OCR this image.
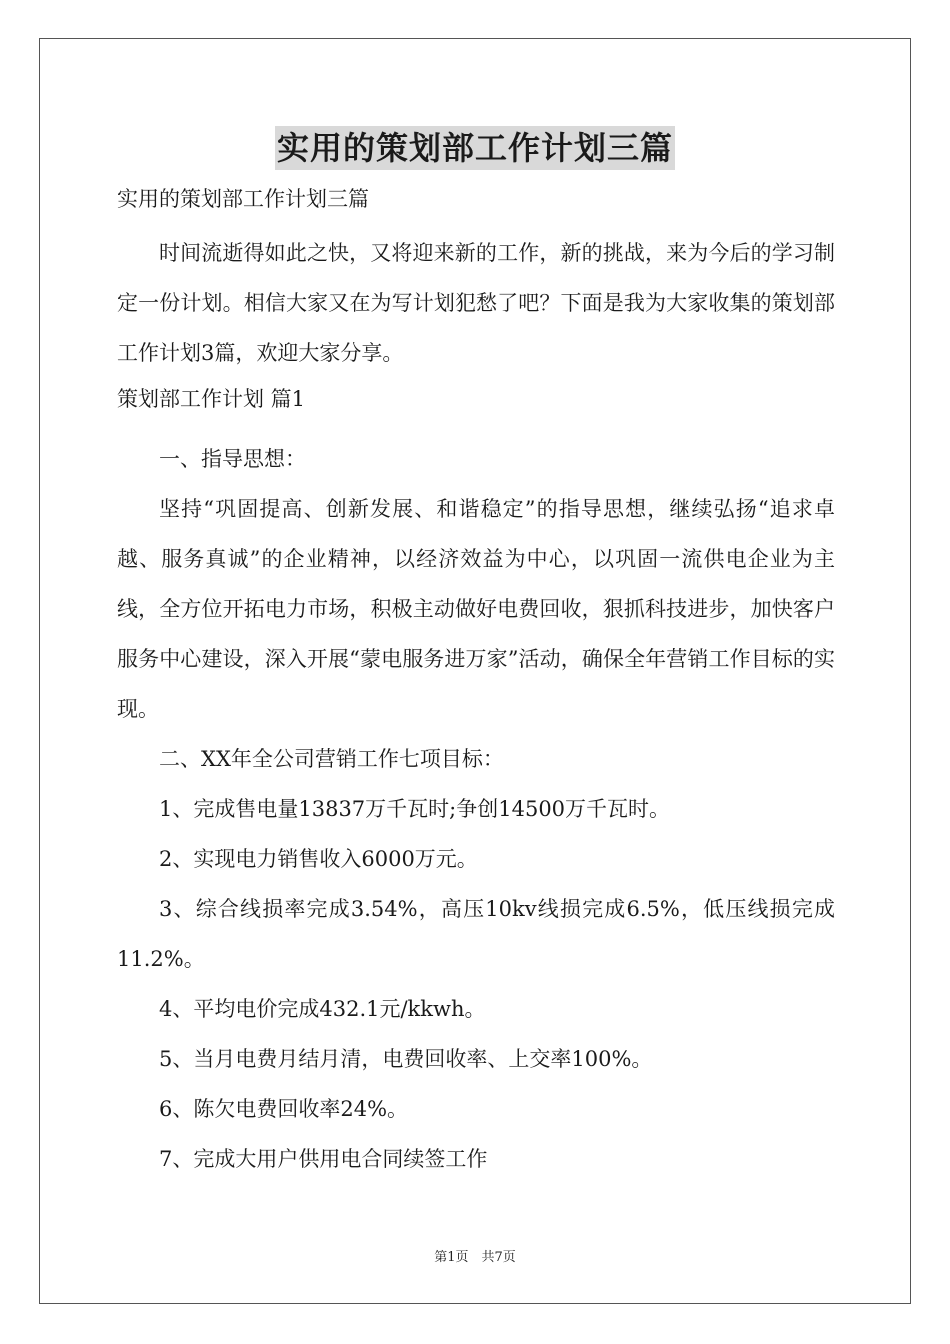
实用的策划部工作计划三篇

实用的策划部工作计划三篇

时间流逝得如此之快，又将迎来新的工作，新的挑战，来为今后的学习制定一份计划。相信大家又在为写计划犯愁了吧？下面是我为大家收集的策划部工作计划3篇，欢迎大家分享。

策划部工作计划 篇1

一、指导思想：

坚持“巩固提高、创新发展、和谐稳定”的指导思想，继续弘扬“追求卓越、服务真诚”的企业精神，以经济效益为中心，以巩固一流供电企业为主线，全方位开拓电力市场，积极主动做好电费回收，狠抓科技进步，加快客户服务中心建设，深入开展“蒙电服务进万家”活动，确保全年营销工作目标的实现。

二、XX年全公司营销工作七项目标：

1、完成售电量13837万千瓦时;争创14500万千瓦时。

2、实现电力销售收入6000万元。

3、综合线损率完成3.54%，高压10kv线损完成6.5%，低压线损完成11.2%。

4、平均电价完成432.1元/kkwh。

5、当月电费月结月清，电费回收率、上交率100%。

6、陈欠电费回收率24%。

7、完成大用户供用电合同续签工作

第1页　共7页
